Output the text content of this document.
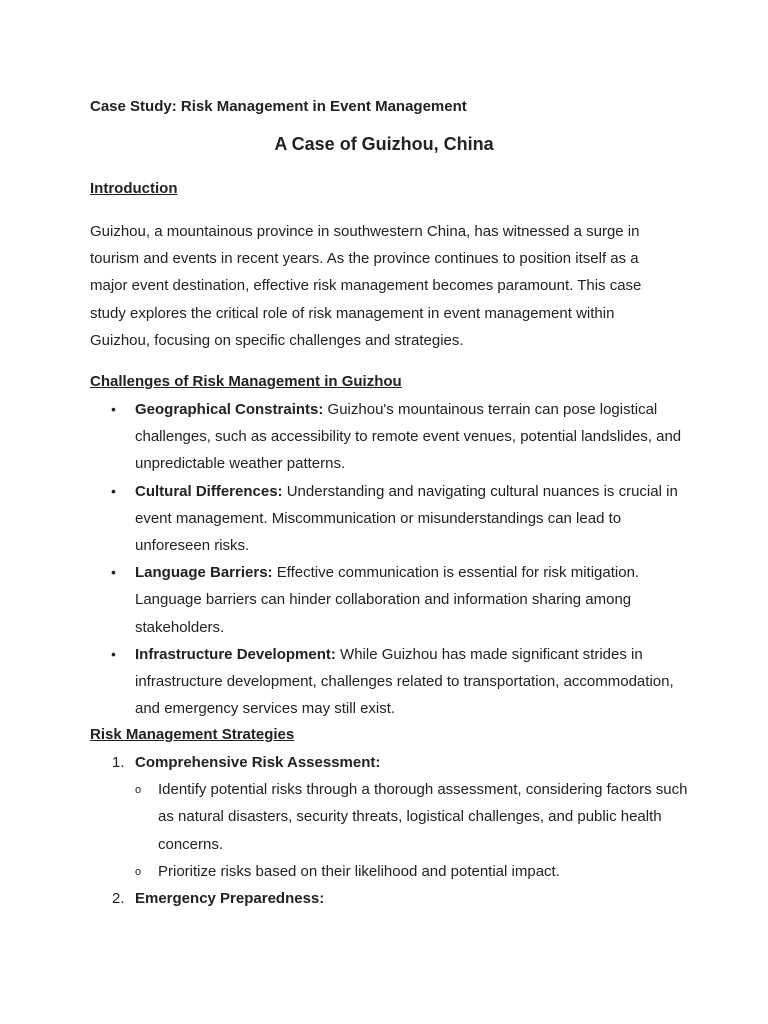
Case Study: Risk Management in Event Management
A Case of Guizhou, China
Introduction

Guizhou, a mountainous province in southwestern China, has witnessed a surge in tourism and events in recent years. As the province continues to position itself as a major event destination, effective risk management becomes paramount. This case study explores the critical role of risk management in event management within Guizhou, focusing on specific challenges and strategies.

Challenges of Risk Management in Guizhou
• Geographical Constraints: Guizhou's mountainous terrain can pose logistical challenges, such as accessibility to remote event venues, potential landslides, and unpredictable weather patterns.
• Cultural Differences: Understanding and navigating cultural nuances is crucial in event management. Miscommunication or misunderstandings can lead to unforeseen risks.
• Language Barriers: Effective communication is essential for risk mitigation. Language barriers can hinder collaboration and information sharing among stakeholders.
• Infrastructure Development: While Guizhou has made significant strides in infrastructure development, challenges related to transportation, accommodation, and emergency services may still exist.
Risk Management Strategies
1. Comprehensive Risk Assessment:
o Identify potential risks through a thorough assessment, considering factors such as natural disasters, security threats, logistical challenges, and public health concerns.
o Prioritize risks based on their likelihood and potential impact.
2. Emergency Preparedness:
